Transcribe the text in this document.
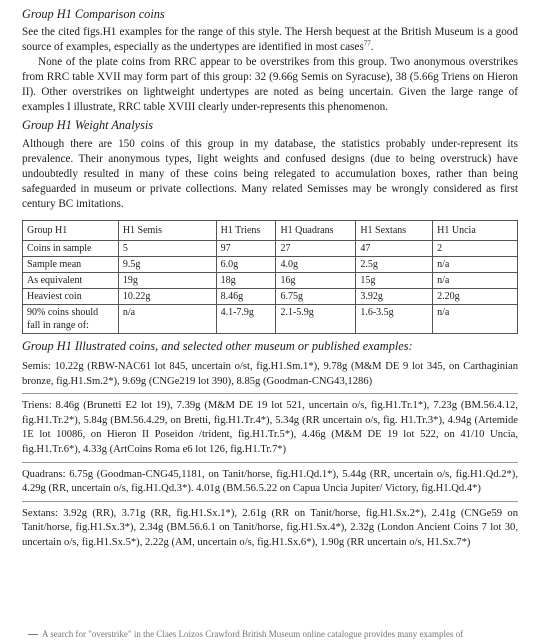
Group H1 Comparison coins

See the cited figs.H1 examples for the range of this style. The Hersh bequest at the British Museum is a good source of examples, especially as the undertypes are identified in most cases$^{77}$.

None of the plate coins from RRC appear to be overstrikes from this group. Two anonymous overstrikes from RRC table XVII may form part of this group: 32 (9.66g Semis on Syracuse), 38 (5.66g Triens on Hieron II). Other overstrikes on lightweight undertypes are noted as being uncertain. Given the large range of examples I illustrate, RRC table XVIII clearly under-represents this phenomenon.

Group H1 Weight Analysis

Although there are 150 coins of this group in my database, the statistics probably under-represent its prevalence. Their anonymous types, light weights and confused designs (due to being overstruck) have undoubtedly resulted in many of these coins being relegated to accumulation boxes, rather than being safeguarded in museum or private collections. Many related Semisses may be wrongly considered as first century BC imitations.

Group H1	H1 Semis	H1 Triens	H1 Quadrans	H1 Sextans	H1 Uncia
Coins in sample	5	97	27	47	2
Sample mean	9.5g	6.0g	4.0g	2.5g	n/a
As equivalent	19g	18g	16g	15g	n/a
Heaviest coin	10.22g	8.46g	6.75g	3.92g	2.20g
90% coins should fall in range of:	n/a	4.1-7.9g	2.1-5.9g	1.6-3.5g	n/a
Group H1 Illustrated coins, and selected other museum or published examples:

Semis: 10.22g (RBW-NAC61 lot 845, uncertain o/st, fig.H1.Sm.1*), 9.78g (M&M DE 9 lot 345, on Carthaginian bronze, fig.H1.Sm.2*), 9.69g (CNGe219 lot 390), 8.85g (Goodman-CNG43,1286)

Triens: 8.46g (Brunetti E2 lot 19), 7.39g (M&M DE 19 lot 521, uncertain o/s, fig.H1.Tr.1*), 7.23g (BM.56.4.12, fig.H1.Tr.2*), 5.84g (BM.56.4.29, on Bretti, fig.H1.Tr.4*), 5.34g (RR uncertain o/s, fig. H1.Tr.3*), 4.94g (Artemide 1E lot 10086, on Hieron II Poseidon /trident, fig.H1.Tr.5*), 4.46g (M&M DE 19 lot 522, on 41/10 Uncia, fig.H1.Tr.6*), 4.33g (ArtCoins Roma e6 lot 126, fig.H1.Tr.7*)

Quadrans: 6.75g (Goodman-CNG45,1181, on Tanit/horse, fig.H1.Qd.1*), 5.44g (RR, uncertain o/s, fig.H1.Qd.2*), 4.29g (RR, uncertain o/s, fig.H1.Qd.3*). 4.01g (BM.56.5.22 on Capua Uncia Jupiter/ Victory, fig.H1.Qd.4*)

Sextans: 3.92g (RR), 3.71g (RR, fig.H1.Sx.1*), 2.61g (RR on Tanit/horse, fig.H1.Sx.2*), 2.41g (CNGe59 on Tanit/horse, fig.H1.Sx.3*), 2.34g (BM.56.6.1 on Tanit/horse, fig.H1.Sx.4*), 2.32g (London Ancient Coins 7 lot 30, uncertain o/s, fig.H1.Sx.5*), 2.22g (AM, uncertain o/s, fig.H1.Sx.6*), 1.90g (RR uncertain o/s, H1.Sx.7*)

A search for "overstrike" in the Claes Loizos Crawford British Museum online catalogue provides many examples of
